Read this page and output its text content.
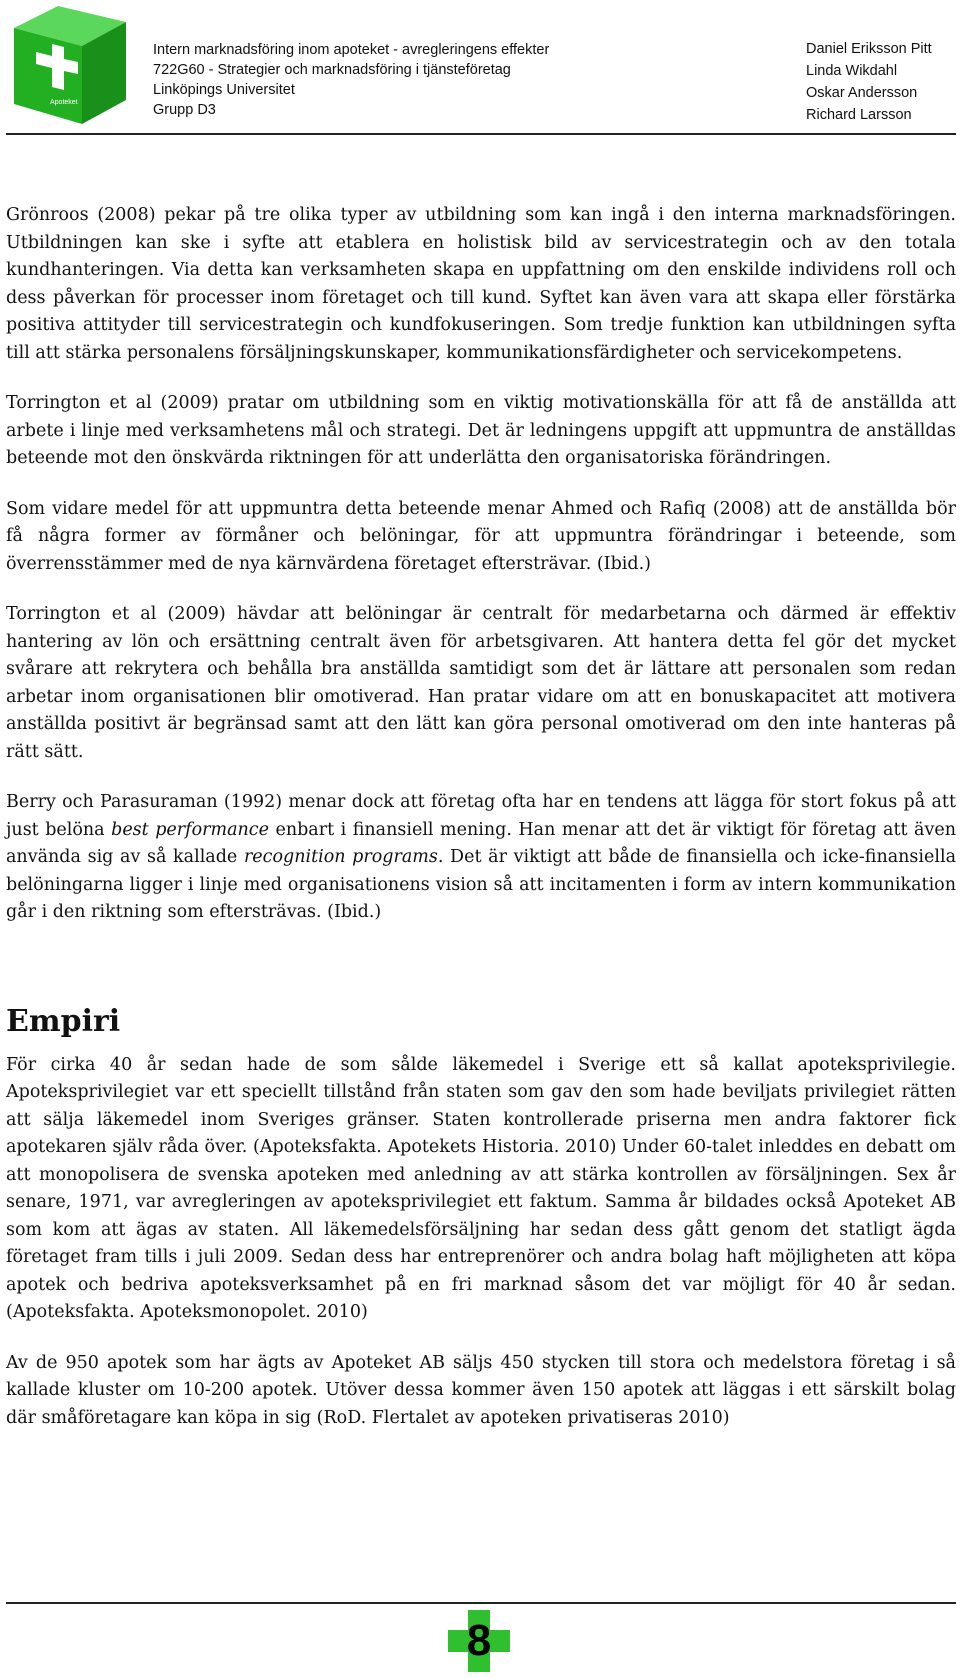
Apoteket
Intern marknadsföring inom apoteket - avregleringens effekter
722G60 - Strategier och marknadsföring i tjänsteföretag
Linköpings Universitet
Grupp D3
Daniel Eriksson Pitt
Linda Wikdahl
Oskar Andersson
Richard Larsson

Grönroos (2008) pekar på tre olika typer av utbildning som kan ingå i den interna marknadsföringen. Utbildningen kan ske i syfte att etablera en holistisk bild av servicestrategin och av den totala kundhanteringen. Via detta kan verksamheten skapa en uppfattning om den enskilde individens roll och dess påverkan för processer inom företaget och till kund. Syftet kan även vara att skapa eller förstärka positiva attityder till servicestrategin och kundfokuseringen. Som tredje funktion kan utbildningen syfta till att stärka personalens försäljningskunskaper, kommunikationsfärdigheter och servicekompetens.

Torrington et al (2009) pratar om utbildning som en viktig motivationskälla för att få de anställda att arbete i linje med verksamhetens mål och strategi. Det är ledningens uppgift att uppmuntra de anställdas beteende mot den önskvärda riktningen för att underlätta den organisatoriska förändringen.

Som vidare medel för att uppmuntra detta beteende menar Ahmed och Rafiq (2008) att de anställda bör få några former av förmåner och belöningar, för att uppmuntra förändringar i beteende, som överrensstämmer med de nya kärnvärdena företaget eftersträvar. (Ibid.)

Torrington et al (2009) hävdar att belöningar är centralt för medarbetarna och därmed är effektiv hantering av lön och ersättning centralt även för arbetsgivaren. Att hantera detta fel gör det mycket svårare att rekrytera och behålla bra anställda samtidigt som det är lättare att personalen som redan arbetar inom organisationen blir omotiverad. Han pratar vidare om att en bonuskapacitet att motivera anställda positivt är begränsad samt att den lätt kan göra personal omotiverad om den inte hanteras på rätt sätt.

Berry och Parasuraman (1992) menar dock att företag ofta har en tendens att lägga för stort fokus på att just belöna best performance enbart i finansiell mening. Han menar att det är viktigt för företag att även använda sig av så kallade recognition programs. Det är viktigt att både de finansiella och icke-finansiella belöningarna ligger i linje med organisationens vision så att incitamenten i form av intern kommunikation går i den riktning som eftersträvas. (Ibid.)

Empiri

För cirka 40 år sedan hade de som sålde läkemedel i Sverige ett så kallat apoteksprivilegie. Apoteksprivilegiet var ett speciellt tillstånd från staten som gav den som hade beviljats privilegiet rätten att sälja läkemedel inom Sveriges gränser. Staten kontrollerade priserna men andra faktorer fick apotekaren själv råda över. (Apoteksfakta. Apotekets Historia. 2010) Under 60-talet inleddes en debatt om att monopolisera de svenska apoteken med anledning av att stärka kontrollen av försäljningen. Sex år senare, 1971, var avregleringen av apoteksprivilegiet ett faktum. Samma år bildades också Apoteket AB som kom att ägas av staten. All läkemedelsförsäljning har sedan dess gått genom det statligt ägda företaget fram tills i juli 2009. Sedan dess har entreprenörer och andra bolag haft möjligheten att köpa apotek och bedriva apoteksverksamhet på en fri marknad såsom det var möjligt för 40 år sedan. (Apoteksfakta. Apoteksmonopolet. 2010)

Av de 950 apotek som har ägts av Apoteket AB säljs 450 stycken till stora och medelstora företag i så kallade kluster om 10-200 apotek. Utöver dessa kommer även 150 apotek att läggas i ett särskilt bolag där småföretagare kan köpa in sig (RoD. Flertalet av apoteken privatiseras 2010)

8
